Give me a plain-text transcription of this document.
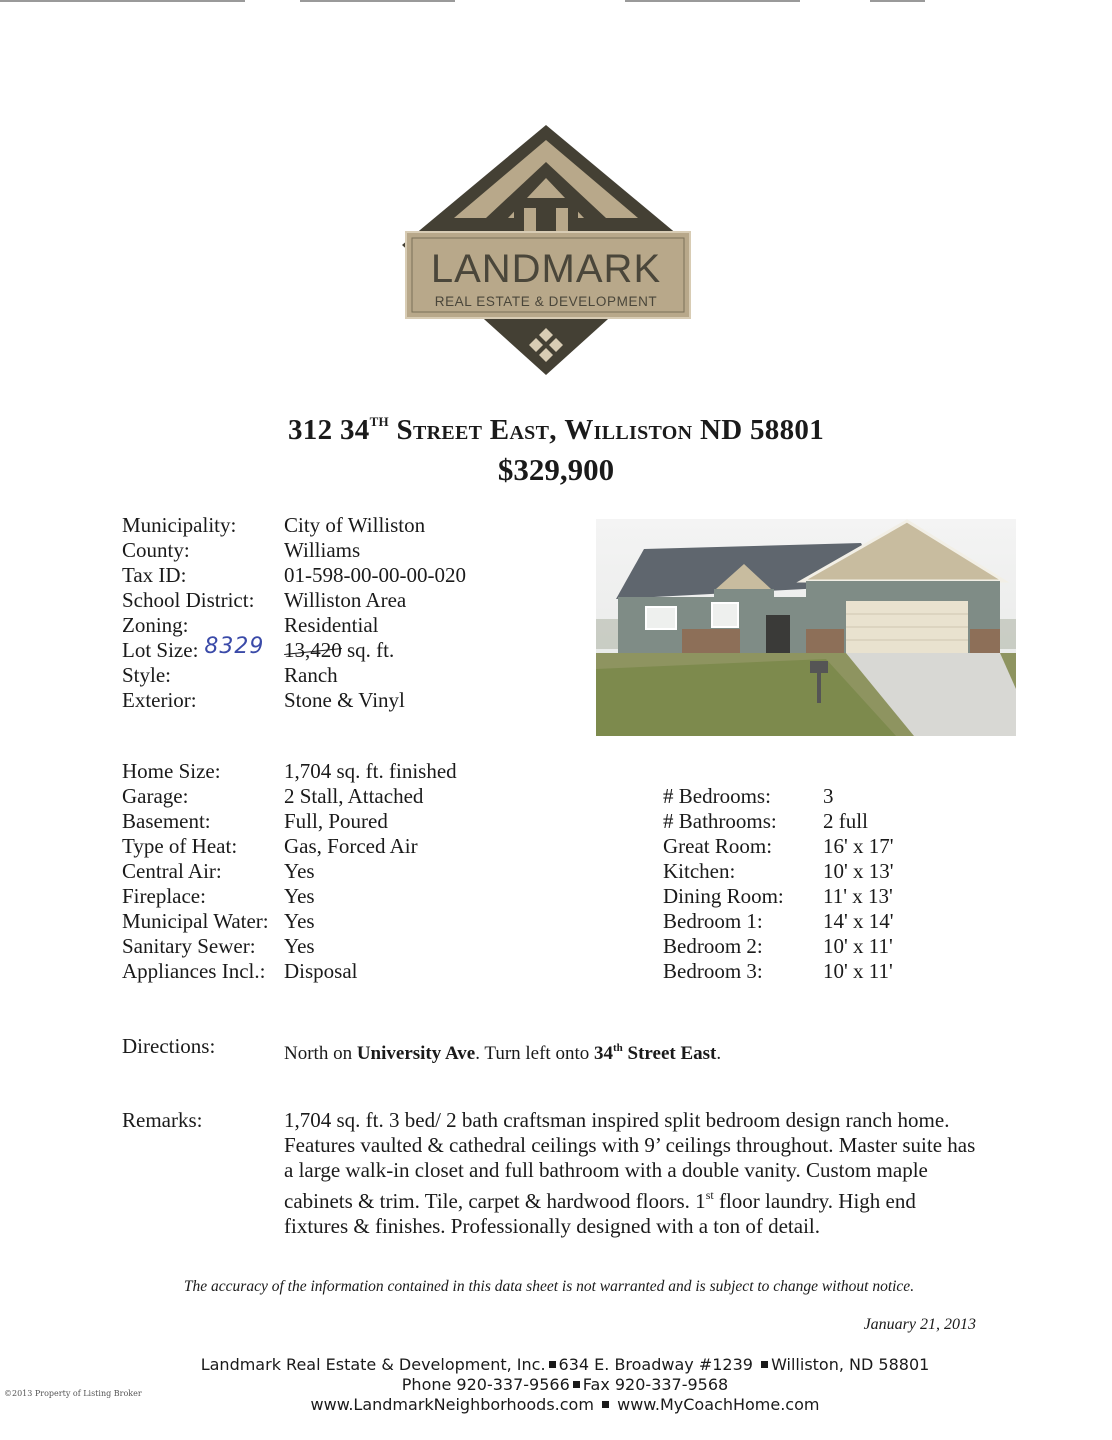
LANDMARK
REAL ESTATE & DEVELOPMENT
312 34TH Street East, Williston ND 58801
$329,900
Municipality:	City of Williston
County:	Williams
Tax ID:	01-598-00-00-00-020
School District:	Williston Area
Zoning:	Residential
Lot Size: 8329 13,420 sq. ft.
Style:	Ranch
Exterior:	Stone & Vinyl
Home Size:	1,704 sq. ft. finished
Garage:	2 Stall, Attached
Basement:	Full, Poured
Type of Heat:	Gas, Forced Air
Central Air:	Yes
Fireplace:	Yes
Municipal Water: Yes
Sanitary Sewer:	Yes
Appliances Incl.: Disposal
# Bedrooms:	3
# Bathrooms:	2 full
Great Room:	16' x 17'
Kitchen:	10' x 13'
Dining Room:	11' x 13'
Bedroom 1:	14' x 14'
Bedroom 2:	10' x 11'
Bedroom 3:	10' x 11'
Directions:	North on University Ave. Turn left onto 34th Street East.
Remarks:	1,704 sq. ft. 3 bed/ 2 bath craftsman inspired split bedroom design ranch home. Features vaulted & cathedral ceilings with 9’ ceilings throughout. Master suite has a large walk-in closet and full bathroom with a double vanity. Custom maple cabinets & trim. Tile, carpet & hardwood floors. 1st floor laundry. High end fixtures & finishes. Professionally designed with a ton of detail.
The accuracy of the information contained in this data sheet is not warranted and is subject to change without notice.
January 21, 2013
Landmark Real Estate & Development, Inc. 634 E. Broadway #1239 Williston, ND 58801
Phone 920-337-9566 Fax 920-337-9568
www.LandmarkNeighborhoods.com www.MyCoachHome.com
©2013 Property of Listing Broker
